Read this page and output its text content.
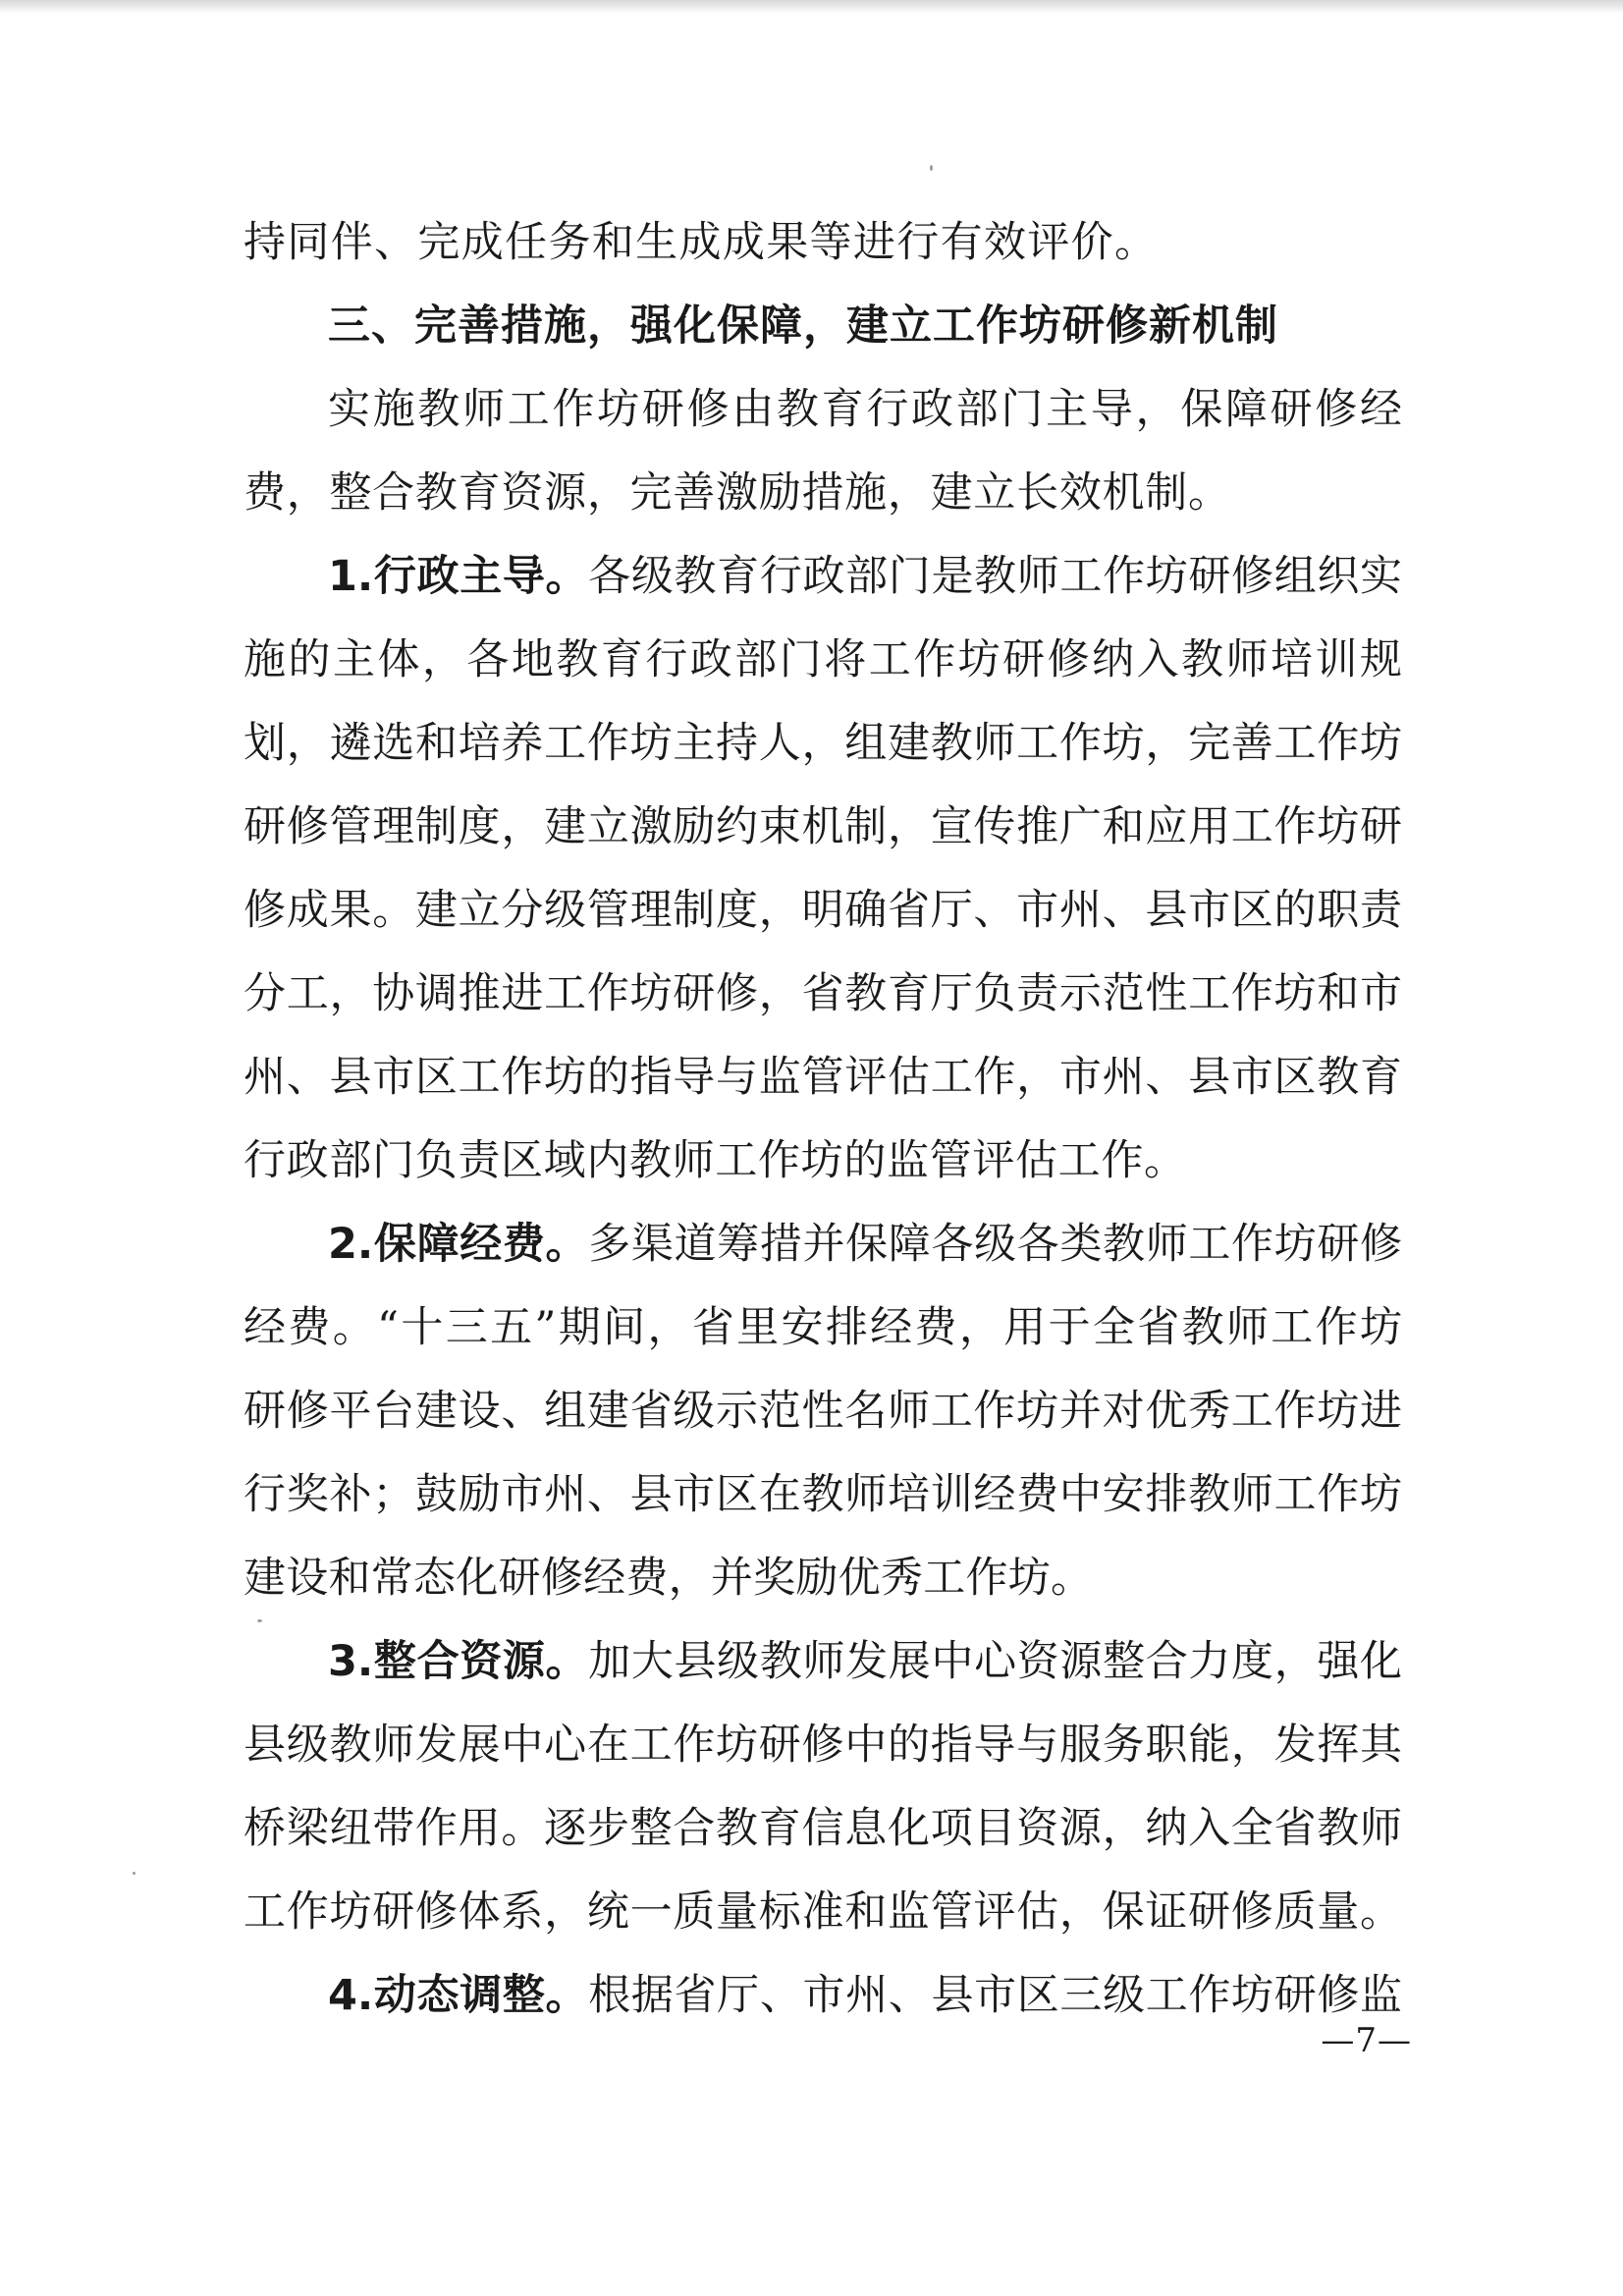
持同伴、完成任务和生成成果等进行有效评价。
三、完善措施，强化保障，建立工作坊研修新机制
实施教师工作坊研修由教育行政部门主导，保障研修经
费，整合教育资源，完善激励措施，建立长效机制。
1.行政主导。各级教育行政部门是教师工作坊研修组织实
施的主体，各地教育行政部门将工作坊研修纳入教师培训规
划，遴选和培养工作坊主持人，组建教师工作坊，完善工作坊
研修管理制度，建立激励约束机制，宣传推广和应用工作坊研
修成果。建立分级管理制度，明确省厅、市州、县市区的职责
分工，协调推进工作坊研修，省教育厅负责示范性工作坊和市
州、县市区工作坊的指导与监管评估工作，市州、县市区教育
行政部门负责区域内教师工作坊的监管评估工作。
2.保障经费。多渠道筹措并保障各级各类教师工作坊研修
经费。“十三五”期间，省里安排经费，用于全省教师工作坊
研修平台建设、组建省级示范性名师工作坊并对优秀工作坊进
行奖补；鼓励市州、县市区在教师培训经费中安排教师工作坊
建设和常态化研修经费，并奖励优秀工作坊。
3.整合资源。加大县级教师发展中心资源整合力度，强化
县级教师发展中心在工作坊研修中的指导与服务职能，发挥其
桥梁纽带作用。逐步整合教育信息化项目资源，纳入全省教师
工作坊研修体系，统一质量标准和监管评估，保证研修质量。
4.动态调整。根据省厅、市州、县市区三级工作坊研修监
—7—
